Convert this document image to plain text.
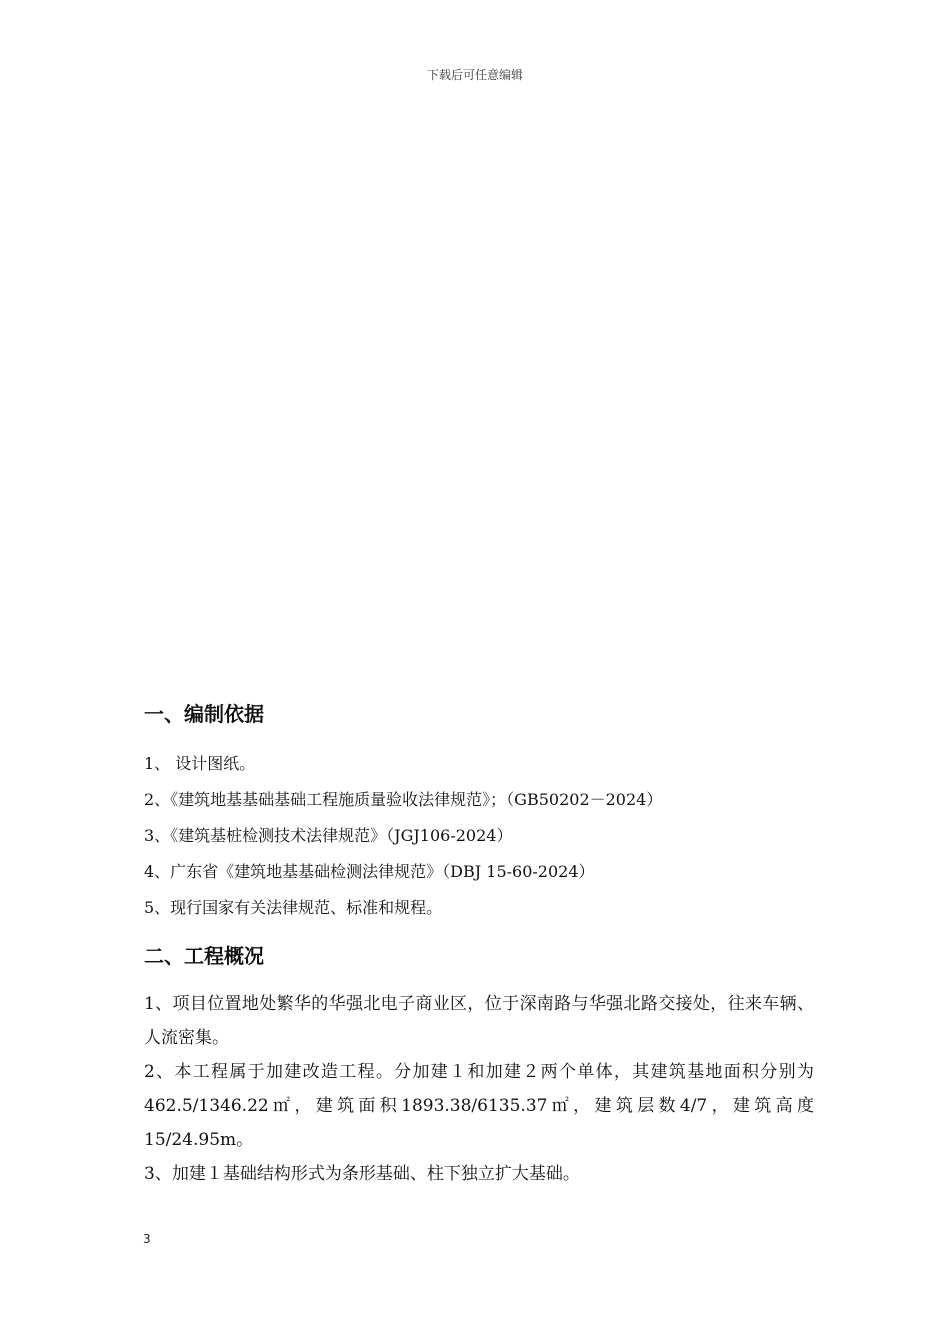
下载后可任意编辑
一、编制依据

1、 设计图纸。

2、《建筑地基基础基础工程施质量验收法律规范》；（GB50202－2024）

3、《建筑基桩检测技术法律规范》（JGJ106-2024）

4、广东省《建筑地基基础检测法律规范》（DBJ 15-60-2024）

5、现行国家有关法律规范、标准和规程。

二、工程概况

1、项目位置地处繁华的华强北电子商业区，位于深南路与华强北路交接处，往来车辆、人流密集。

2、本工程属于加建改造工程。分加建１和加建２两个单体，其建筑基地面积分别为462.5/1346.22㎡，建筑面积1893.38/6135.37㎡，建筑层数4/7，建筑高度15/24.95m。

3、加建１基础结构形式为条形基础、柱下独立扩大基础。

3
